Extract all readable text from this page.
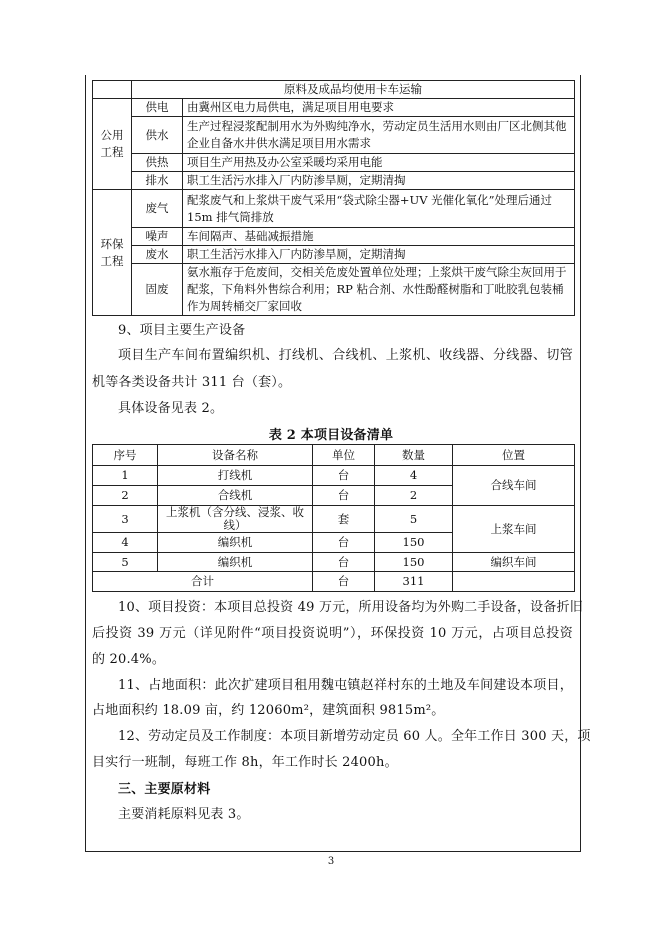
	原料及成品均使用卡车运输	
公用工程	供电	由冀州区电力局供电，满足项目用电要求
	供水	生产过程浸浆配制用水为外购纯净水，劳动定员生活用水则由厂区北侧其他企业自备水井供水满足项目用水需求
	供热	项目生产用热及办公室采暖均采用电能
	排水	职工生活污水排入厂内防渗旱厕，定期清掏
环保工程	废气	配浆废气和上浆烘干废气采用“袋式除尘器+UV 光催化氧化”处理后通过15m 排气筒排放
	噪声	车间隔声、基础减振措施
	废水	职工生活污水排入厂内防渗旱厕，定期清掏
	固废	氨水瓶存于危废间，交相关危废处置单位处理；上浆烘干废气除尘灰回用于配浆，下角料外售综合利用；RP 粘合剂、水性酚醛树脂和丁吡胶乳包装桶作为周转桶交厂家回收
9、项目主要生产设备
项目生产车间布置编织机、打线机、合线机、上浆机、收线器、分线器、切管
机等各类设备共计 311 台（套）。
具体设备见表 2。
表 2 本项目设备清单
序号	设备名称	单位	数量	位置
1	打线机	台	4	合线车间
2	合线机	台	2	
3	上浆机（含分线、浸浆、收线）	套	5	上浆车间
4	编织机	台	150	
5	编织机	台	150	编织车间
合计		台	311	
10、项目投资：本项目总投资 49 万元，所用设备均为外购二手设备，设备折旧
后投资 39 万元（详见附件“项目投资说明”），环保投资 10 万元，占项目总投资
的 20.4%。
11、占地面积：此次扩建项目租用魏屯镇赵祥村东的土地及车间建设本项目，
占地面积约 18.09 亩，约 12060m²，建筑面积 9815m²。
12、劳动定员及工作制度：本项目新增劳动定员 60 人。全年工作日 300 天，项
目实行一班制，每班工作 8h，年工作时长 2400h。
三、主要原材料
主要消耗原料见表 3。
3
